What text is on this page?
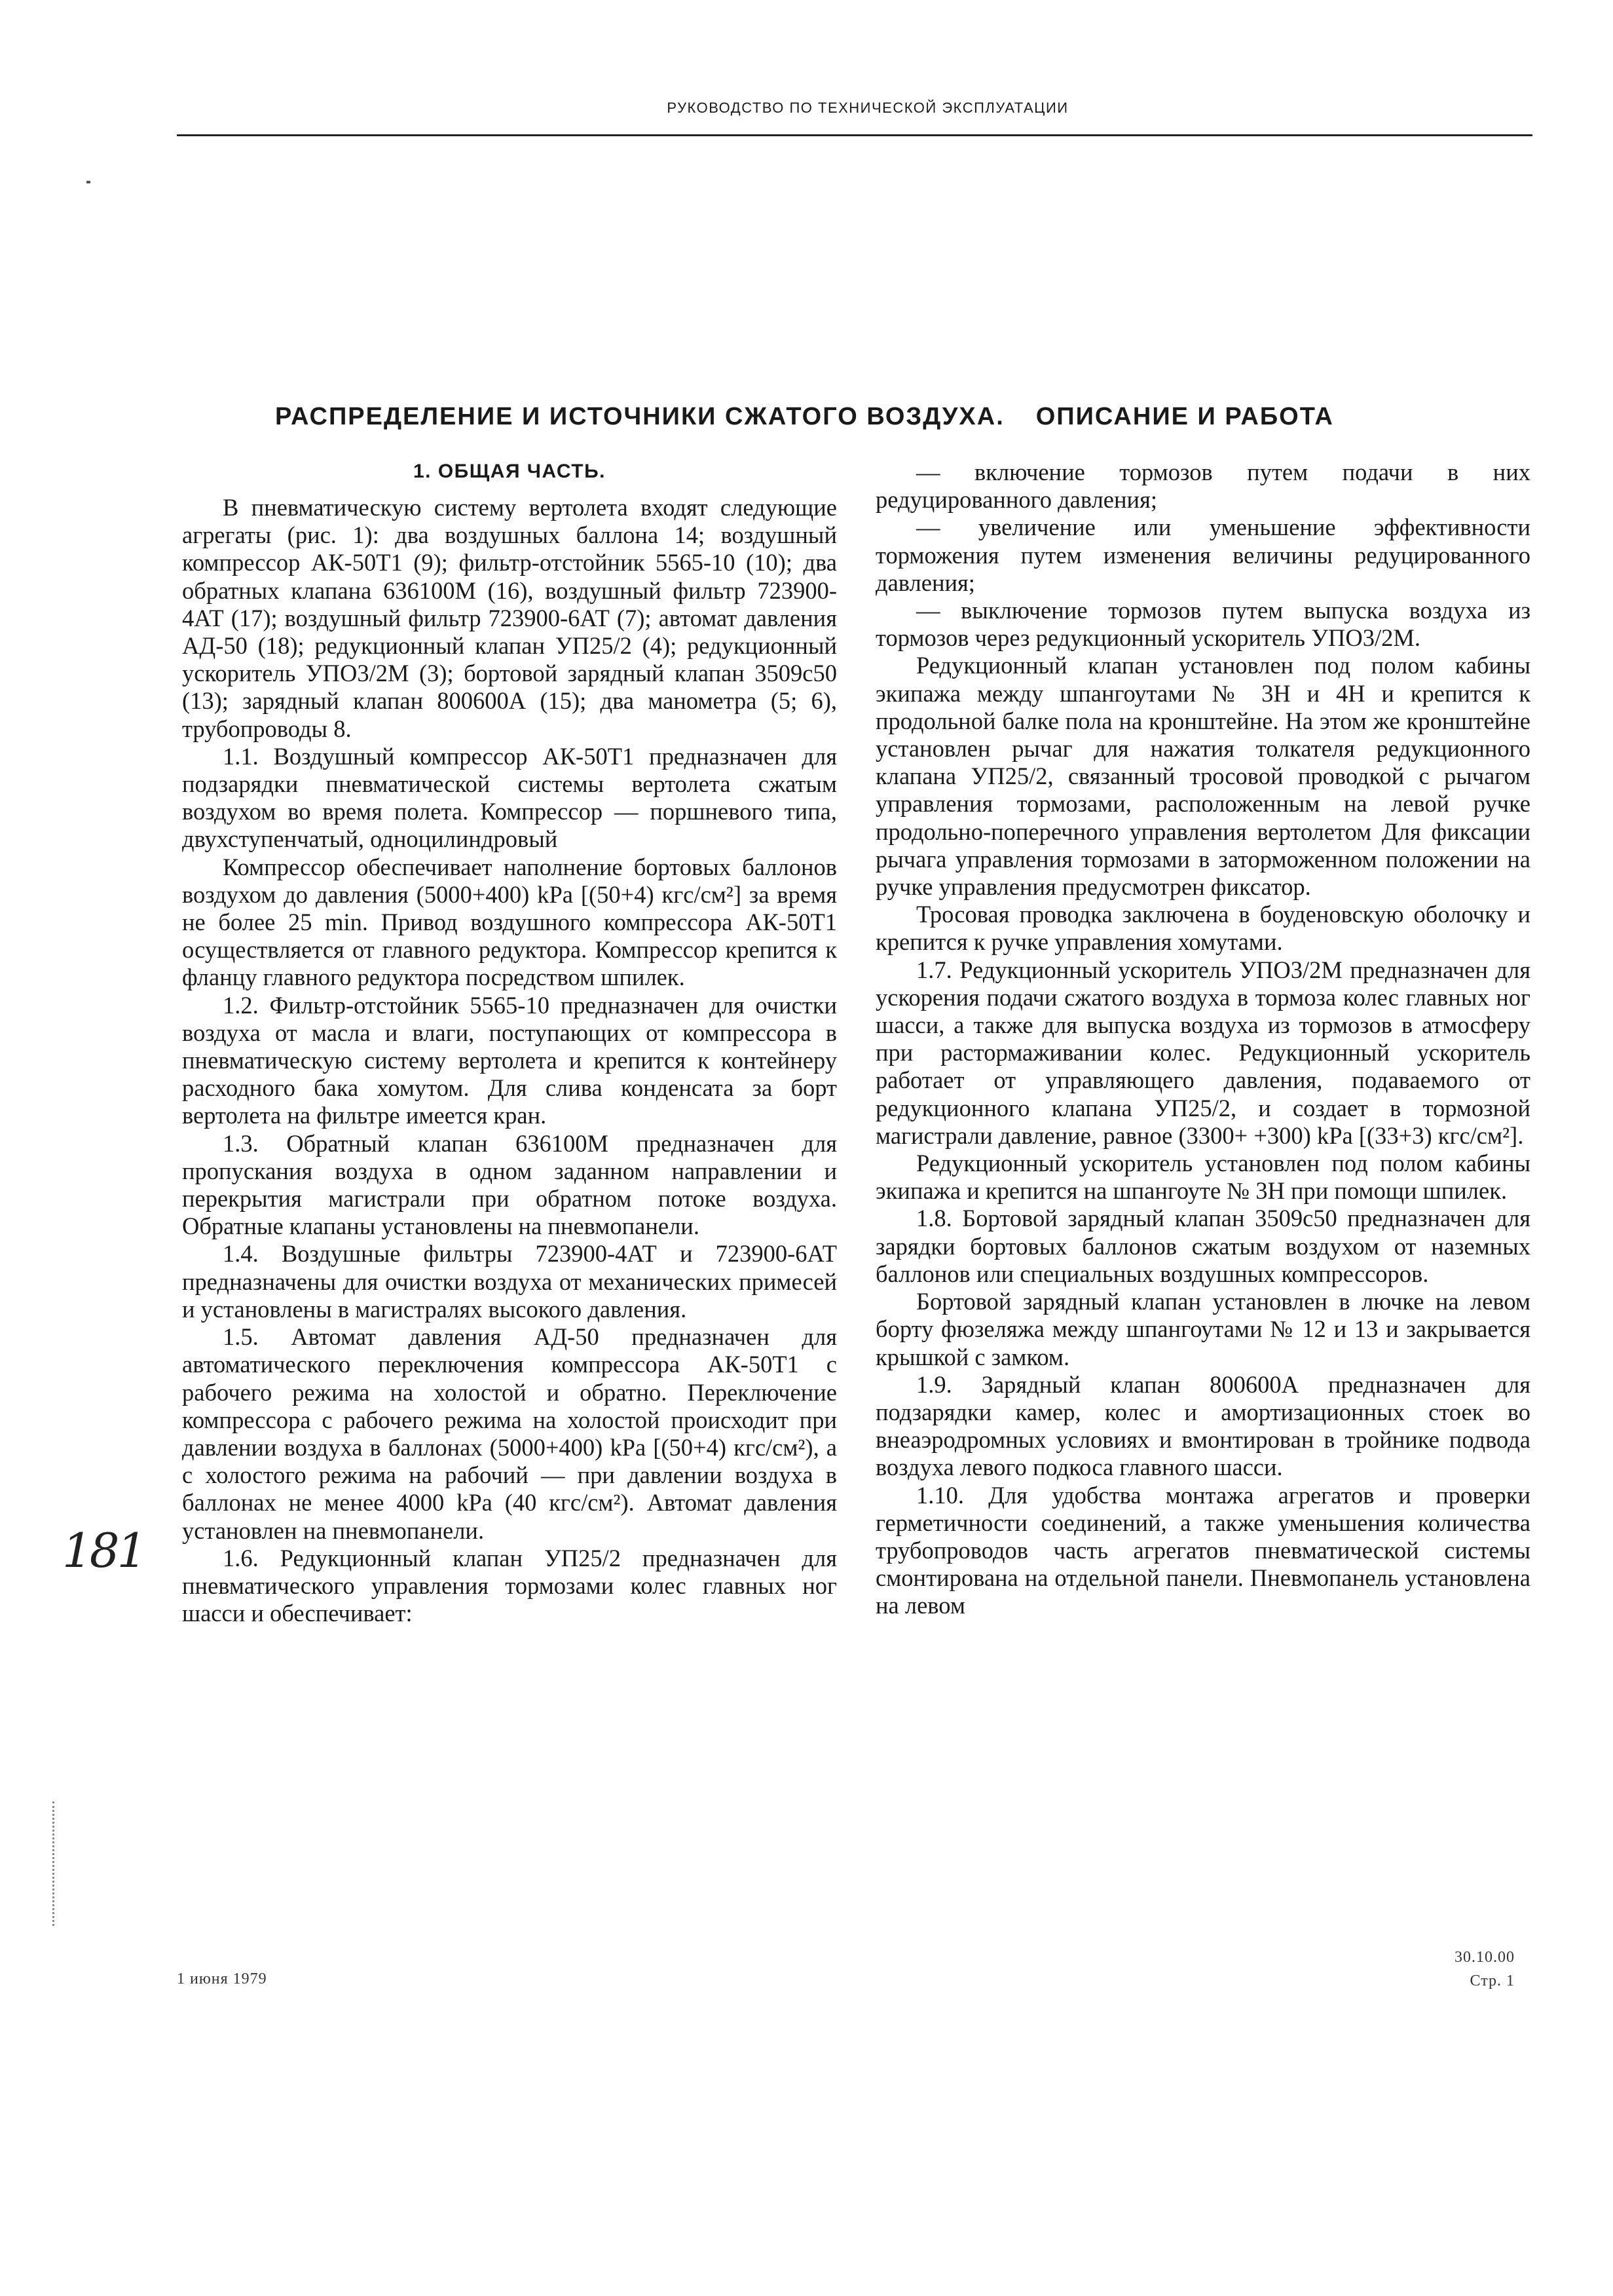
РУКОВОДСТВО ПО ТЕХНИЧЕСКОЙ ЭКСПЛУАТАЦИИ
РАСПРЕДЕЛЕНИЕ И ИСТОЧНИКИ СЖАТОГО ВОЗДУХА. ОПИСАНИЕ И РАБОТА
1. ОБЩАЯ ЧАСТЬ.

В пневматическую систему вертолета входят следующие агрегаты (рис. 1): два воздушных баллона 14; воздушный компрессор АК-50Т1 (9); фильтр-отстойник 5565-10 (10); два обратных клапана 636100М (16), воздушный фильтр 723900-4АТ (17); воздушный фильтр 723900-6АТ (7); автомат давления АД-50 (18); редукционный клапан УП25/2 (4); редукционный ускоритель УПО3/2М (3); бортовой зарядный клапан 3509с50 (13); зарядный клапан 800600А (15); два манометра (5; 6), трубопроводы 8.

1.1. Воздушный компрессор АК-50Т1 предназначен для подзарядки пневматической системы вертолета сжатым воздухом во время полета. Компрессор — поршневого типа, двухступенчатый, одноцилиндровый

Компрессор обеспечивает наполнение бортовых баллонов воздухом до давления (5000+400) kPa [(50+4) кгс/см²] за время не более 25 min. Привод воздушного компрессора АК-50Т1 осуществляется от главного редуктора. Компрессор крепится к фланцу главного редуктора посредством шпилек.

1.2. Фильтр-отстойник 5565-10 предназначен для очистки воздуха от масла и влаги, поступающих от компрессора в пневматическую систему вертолета и крепится к контейнеру расходного бака хомутом. Для слива конденсата за борт вертолета на фильтре имеется кран.

1.3. Обратный клапан 636100М предназначен для пропускания воздуха в одном заданном направлении и перекрытия магистрали при обратном потоке воздуха. Обратные клапаны установлены на пневмопанели.

1.4. Воздушные фильтры 723900-4АТ и 723900-6АТ предназначены для очистки воздуха от механических примесей и установлены в магистралях высокого давления.

1.5. Автомат давления АД-50 предназначен для автоматического переключения компрессора АК-50Т1 с рабочего режима на холостой и обратно. Переключение компрессора с рабочего режима на холостой происходит при давлении воздуха в баллонах (5000+400) kPa [(50+4) кгс/см²), а с холостого режима на рабочий — при давлении воздуха в баллонах не менее 4000 kPa (40 кгс/см²). Автомат давления установлен на пневмопанели.

1.6. Редукционный клапан УП25/2 предназначен для пневматического управления тормозами колес главных ног шасси и обеспечивает:

— включение тормозов путем подачи в них редуцированного давления;

— увеличение или уменьшение эффективности торможения путем изменения величины редуцированного давления;

— выключение тормозов путем выпуска воздуха из тормозов через редукционный ускоритель УПО3/2М.

Редукционный клапан установлен под полом кабины экипажа между шпангоутами № 3Н и 4Н и крепится к продольной балке пола на кронштейне. На этом же кронштейне установлен рычаг для нажатия толкателя редукционного клапана УП25/2, связанный тросовой проводкой с рычагом управления тормозами, расположенным на левой ручке продольно-поперечного управления вертолетом Для фиксации рычага управления тормозами в заторможенном положении на ручке управления предусмотрен фиксатор.

Тросовая проводка заключена в боуденовскую оболочку и крепится к ручке управления хомутами.

1.7. Редукционный ускоритель УПО3/2М предназначен для ускорения подачи сжатого воздуха в тормоза колес главных ног шасси, а также для выпуска воздуха из тормозов в атмосферу при растормаживании колес. Редукционный ускоритель работает от управляющего давления, подаваемого от редукционного клапана УП25/2, и создает в тормозной магистрали давление, равное (3300+ +300) kPa [(33+3) кгс/см²].

Редукционный ускоритель установлен под полом кабины экипажа и крепится на шпангоуте № 3Н при помощи шпилек.

1.8. Бортовой зарядный клапан 3509с50 предназначен для зарядки бортовых баллонов сжатым воздухом от наземных баллонов или специальных воздушных компрессоров.

Бортовой зарядный клапан установлен в лючке на левом борту фюзеляжа между шпангоутами № 12 и 13 и закрывается крышкой с замком.

1.9. Зарядный клапан 800600А предназначен для подзарядки камер, колес и амортизационных стоек во внеаэродромных условиях и вмонтирован в тройнике подвода воздуха левого подкоса главного шасси.

1.10. Для удобства монтажа агрегатов и проверки герметичности соединений, а также уменьшения количества трубопроводов часть агрегатов пневматической системы смонтирована на отдельной панели. Пневмопанель установлена на левом

181
1 июня 1979
30.10.00
Стр. 1
